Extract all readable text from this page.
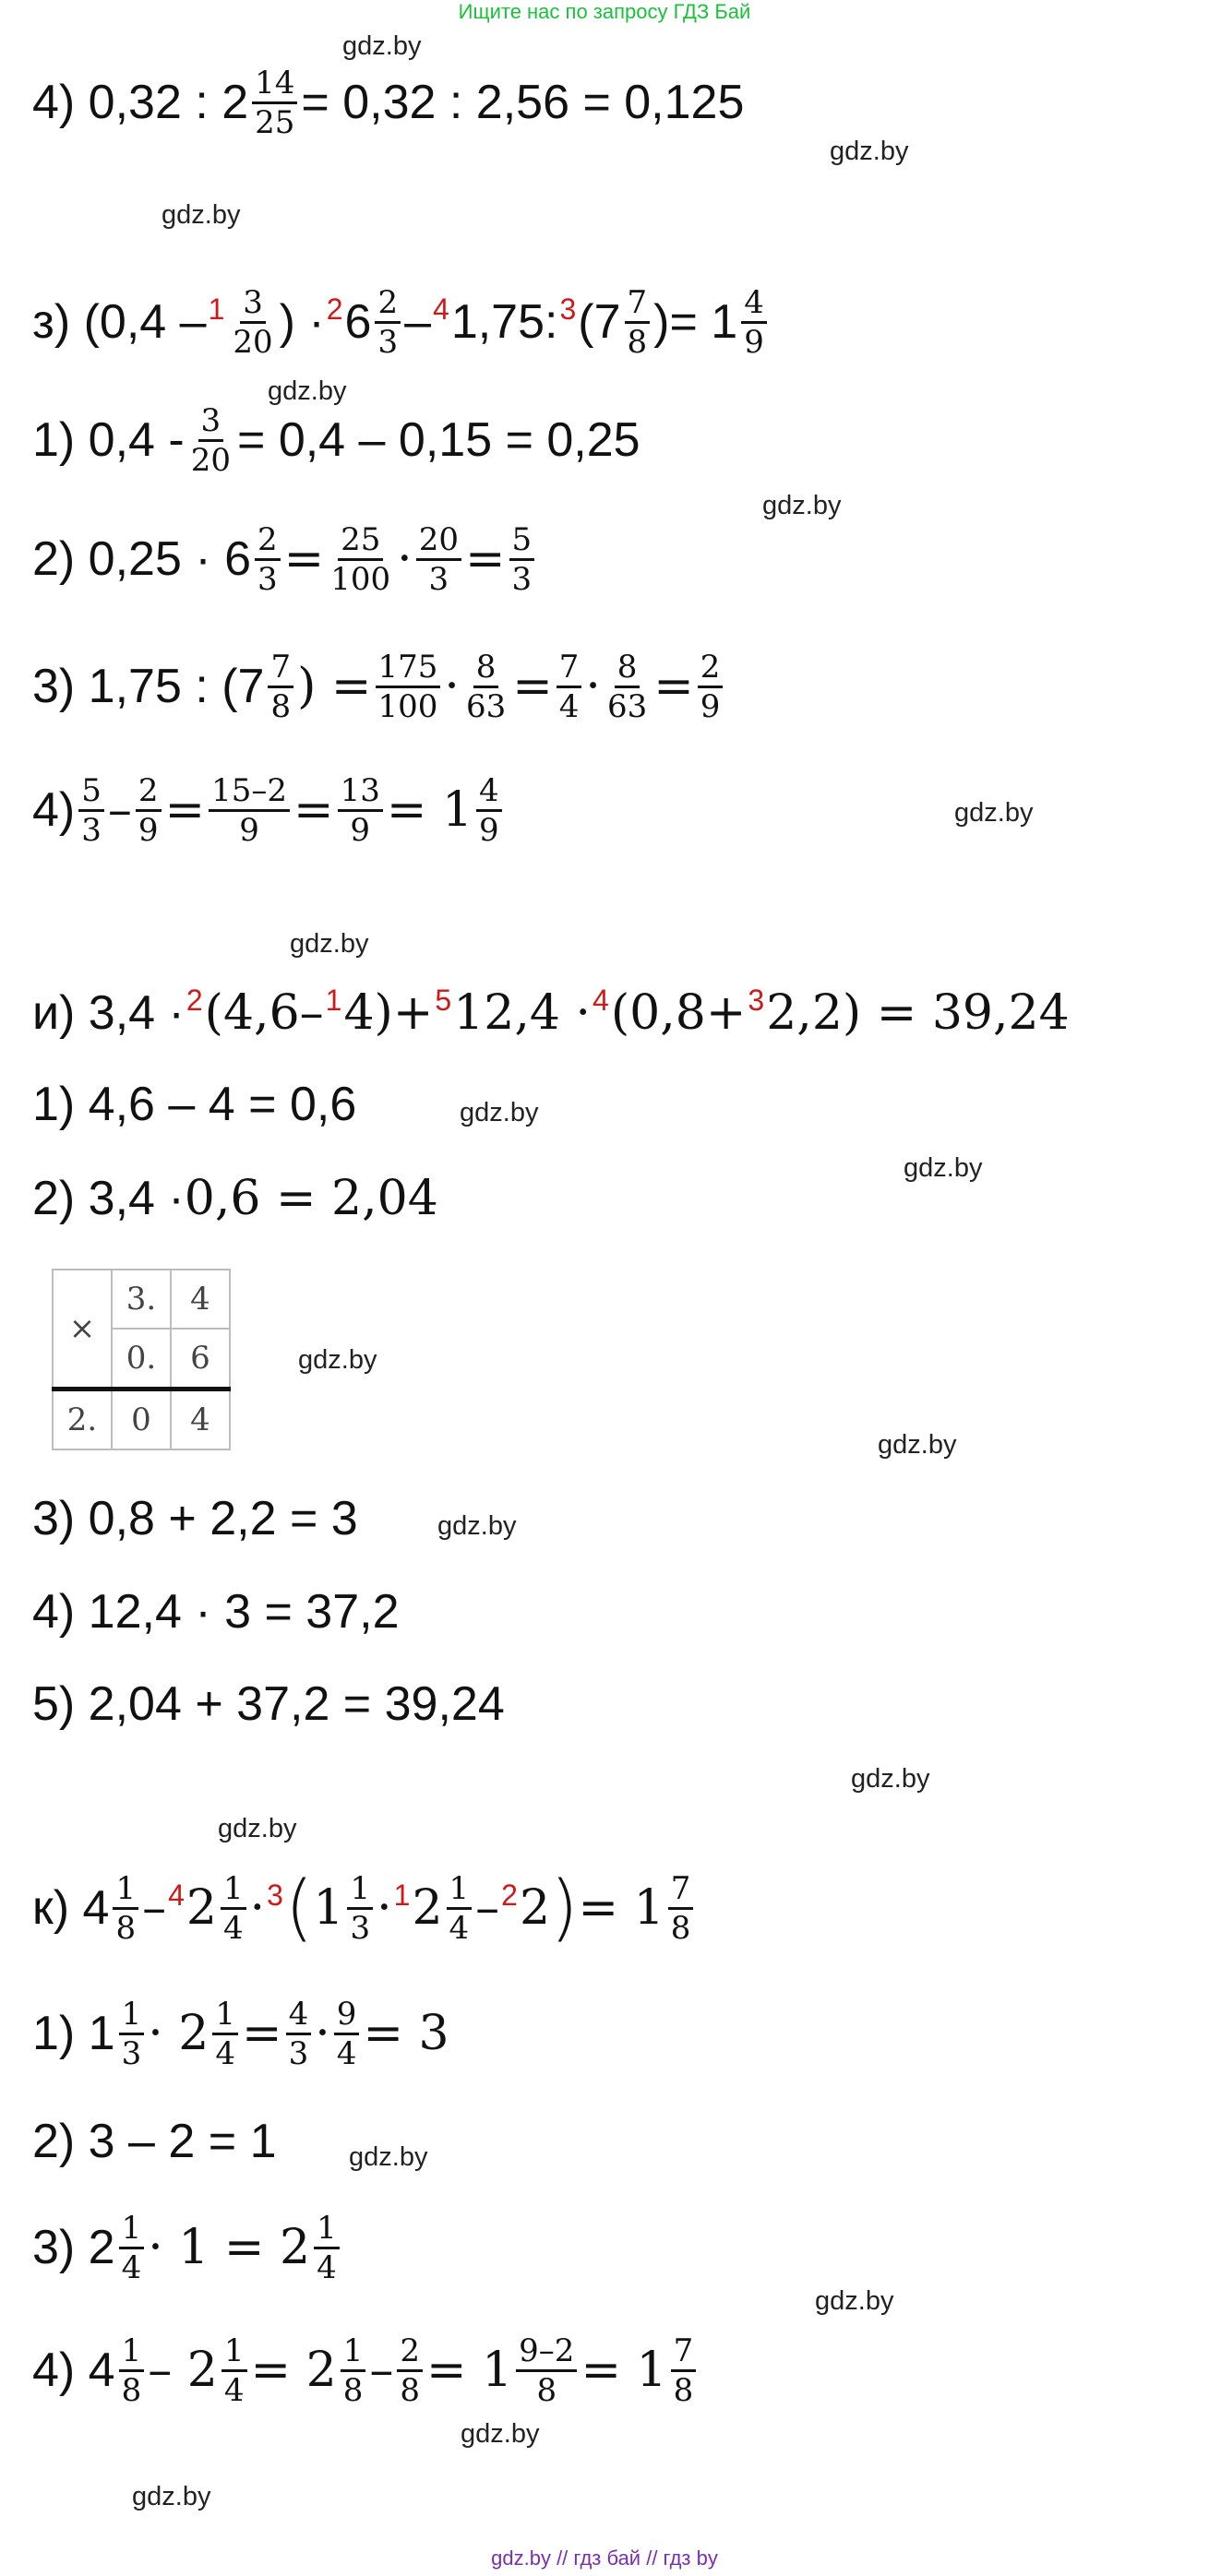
Ищите нас по запросу ГДЗ Бай
4) 0,32 : $2 \frac{14}{25} = 0,32$ : 2,56 = 0,125
з) ($0,4 - 1 \frac{3}{20}$ ) · 2 $6 \frac{2}{3} - 4$ 1,75: 3 ($7 \frac{7}{8}$ )= $1 \frac{4}{9}$
1) $0,4 - \frac{3}{20} = 0,4 - 0,15 = 0,25$
2) $0,25 \cdot 6 \frac{2}{3} = \frac{25}{100} \cdot \frac{20}{3} = \frac{5}{3}$
3) 1,75 : ($7 \frac{7}{8}$ ) = $\frac{175}{100} \cdot \frac{8}{63} = \frac{7}{4} \cdot \frac{8}{63} = \frac{2}{9}$
$4) \frac{5}{3} - \frac{2}{9} = \frac{15-2}{9} = \frac{13}{9} = 1 \frac{4}{9}$
и) 3,4 · 2 (4,6– 1 4)+ 5 12,4 · 4 (0,8+ 3 2,2) = 39,24
1) 4,6 – 4 = 0,6
2) 3,4 · 0,6 = 2,04
×	3.	4
	0.	6
2.	0	4
3) 0,8 + 2,2 = 3
4) 12,4 · 3 = 37,2
5) 2,04 + 37,2 = 39,24
к) $4 \frac{1}{8} - 4$ $2 \frac{1}{4} \cdot 3$ ( $1 \frac{1}{3} \cdot 1$ $2 \frac{1}{4} - 2$ 2 ) = $1 \frac{7}{8}$
1) $1 \frac{1}{3} \cdot 2 \frac{1}{4} = \frac{4}{3} \cdot \frac{9}{4} = 3$
2) 3 – 2 = 1
3) $2 \frac{1}{4} \cdot 1 = 2 \frac{1}{4}$
4) $4 \frac{1}{8} - 2 \frac{1}{4} = 2 \frac{1}{8} - \frac{2}{8} = 1 \frac{9-2}{8} = 1 \frac{7}{8}$
gdz.by
gdz.by
gdz.by
gdz.by
gdz.by
gdz.by
gdz.by
gdz.by
gdz.by
gdz.by
gdz.by
gdz.by
gdz.by
gdz.by
gdz.by
gdz.by
gdz.by
gdz.by
gdz.by // гдз бай // гдз by
